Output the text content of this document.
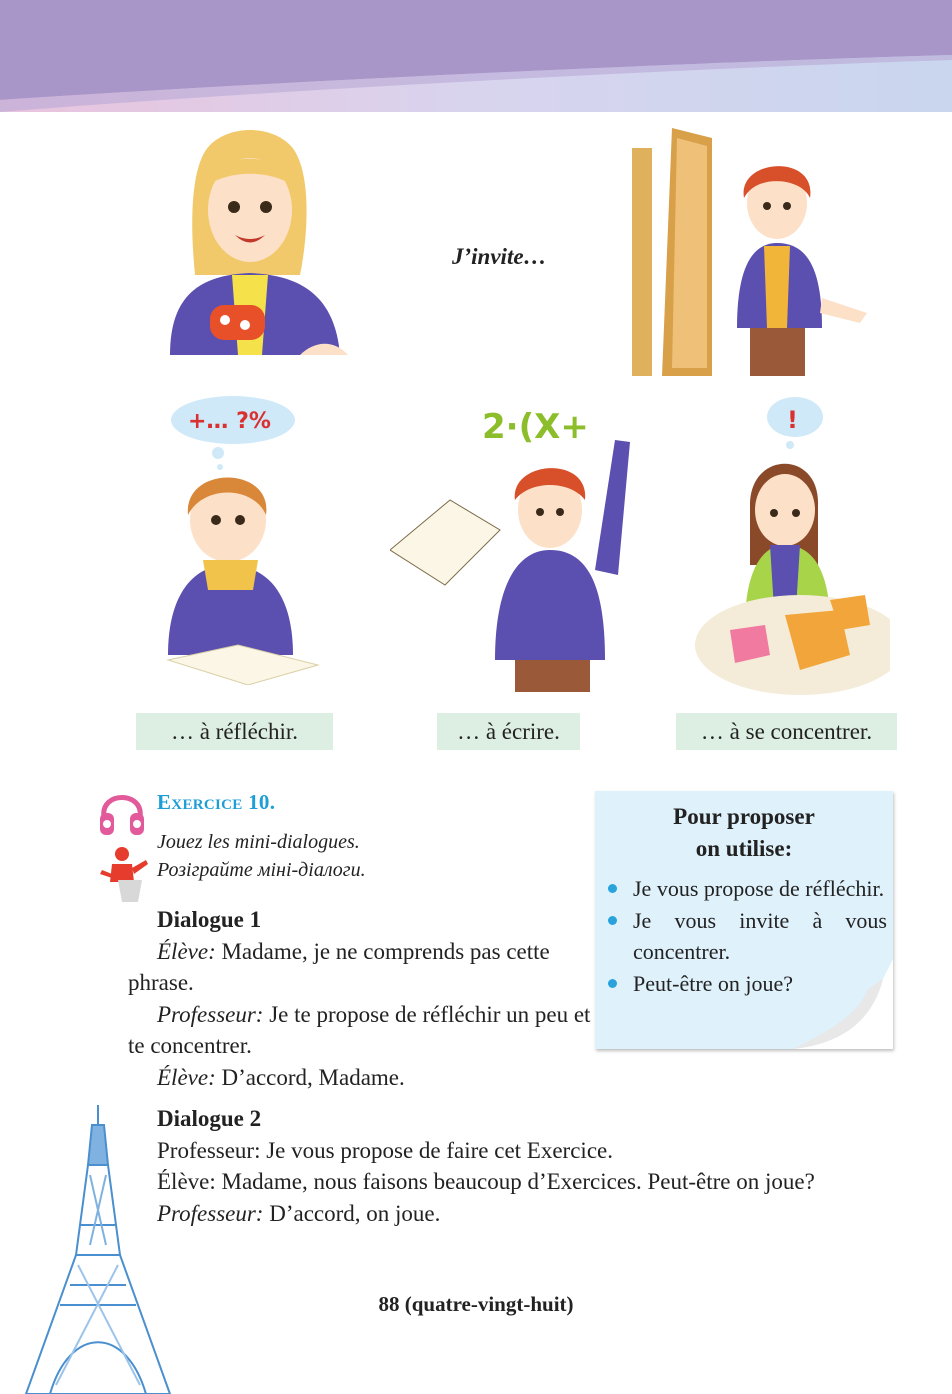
J’invite…
+… ?%	2·(X+	!
… à réfléchir.	… à écrire.	… à se concentrer.
Exercice 10.
Jouez les mini-dialogues.
Розіграйте міні-діалоги.
Dialogue 1
Élève: Madame, je ne comprends pas cette phrase.
Professeur: Je te propose de réfléchir un peu et te concentrer.
Élève: D’accord, Madame.
Pour proposer
on utilise:
Je vous propose de réfléchir.
Je vous invite à vous concentrer.
Peut-être on joue?
Dialogue 2
Professeur: Je vous propose de faire cet Exercice.
Élève: Madame, nous faisons beaucoup d’Exercices. Peut-être on joue?
Professeur: D’accord, on joue.
88 (quatre-vingt-huit)
